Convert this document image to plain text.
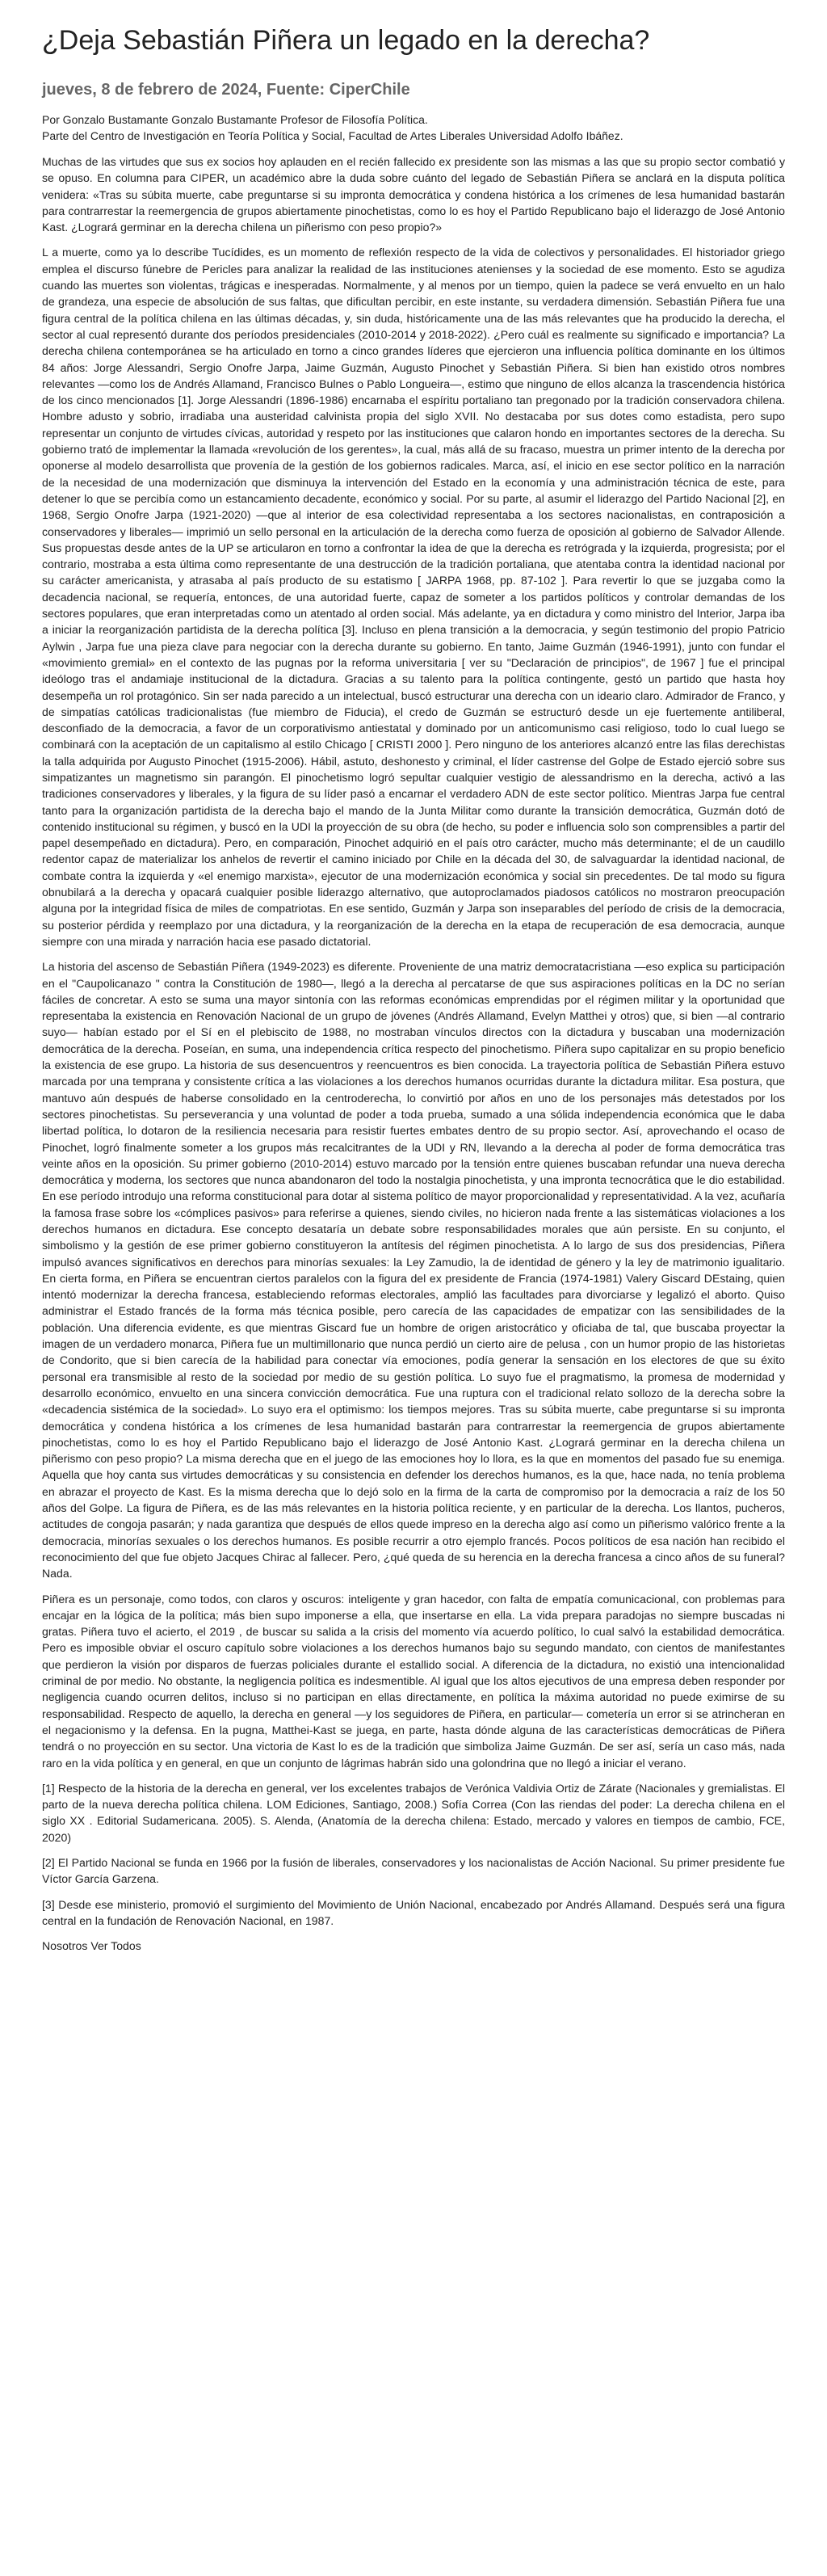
¿Deja Sebastián Piñera un legado en la derecha?
jueves, 8 de febrero de 2024, Fuente: CiperChile

Por Gonzalo Bustamante Gonzalo Bustamante Profesor de Filosofía Política.

Parte del Centro de Investigación en Teoría Política y Social, Facultad de Artes Liberales Universidad Adolfo Ibáñez.

Muchas de las virtudes que sus ex socios hoy aplauden en el recién fallecido ex presidente son las mismas a las que su propio sector combatió y se opuso. En columna para CIPER, un académico abre la duda sobre cuánto del legado de Sebastián Piñera se anclará en la disputa política venidera: «Tras su súbita muerte, cabe preguntarse si su impronta democrática y condena histórica a los crímenes de lesa humanidad bastarán para contrarrestar la reemergencia de grupos abiertamente pinochetistas, como lo es hoy el Partido Republicano bajo el liderazgo de José Antonio Kast. ¿Logrará germinar en la derecha chilena un piñerismo con peso propio?»

L a muerte, como ya lo describe Tucídides, es un momento de reflexión respecto de la vida de colectivos y personalidades. El historiador griego emplea el discurso fúnebre de Pericles para analizar la realidad de las instituciones atenienses y la sociedad de ese momento. Esto se agudiza cuando las muertes son violentas, trágicas e inesperadas. Normalmente, y al menos por un tiempo, quien la padece se verá envuelto en un halo de grandeza, una especie de absolución de sus faltas, que dificultan percibir, en este instante, su verdadera dimensión. Sebastián Piñera fue una figura central de la política chilena en las últimas décadas, y, sin duda, históricamente una de las más relevantes que ha producido la derecha, el sector al cual representó durante dos períodos presidenciales (2010-2014 y 2018-2022). ¿Pero cuál es realmente su significado e importancia? La derecha chilena contemporánea se ha articulado en torno a cinco grandes líderes que ejercieron una influencia política dominante en los últimos 84 años: Jorge Alessandri, Sergio Onofre Jarpa, Jaime Guzmán, Augusto Pinochet y Sebastián Piñera. Si bien han existido otros nombres relevantes —como los de Andrés Allamand, Francisco Bulnes o Pablo Longueira—, estimo que ninguno de ellos alcanza la trascendencia histórica de los cinco mencionados [1]. Jorge Alessandri (1896-1986) encarnaba el espíritu portaliano tan pregonado por la tradición conservadora chilena. Hombre adusto y sobrio, irradiaba una austeridad calvinista propia del siglo XVII. No destacaba por sus dotes como estadista, pero supo representar un conjunto de virtudes cívicas, autoridad y respeto por las instituciones que calaron hondo en importantes sectores de la derecha. Su gobierno trató de implementar la llamada «revolución de los gerentes», la cual, más allá de su fracaso, muestra un primer intento de la derecha por oponerse al modelo desarrollista que provenía de la gestión de los gobiernos radicales. Marca, así, el inicio en ese sector político en la narración de la necesidad de una modernización que disminuya la intervención del Estado en la economía y una administración técnica de este, para detener lo que se percibía como un estancamiento decadente, económico y social. Por su parte, al asumir el liderazgo del Partido Nacional [2], en 1968, Sergio Onofre Jarpa (1921-2020) —que al interior de esa colectividad representaba a los sectores nacionalistas, en contraposición a conservadores y liberales— imprimió un sello personal en la articulación de la derecha como fuerza de oposición al gobierno de Salvador Allende. Sus propuestas desde antes de la UP se articularon en torno a confrontar la idea de que la derecha es retrógrada y la izquierda, progresista; por el contrario, mostraba a esta última como representante de una destrucción de la tradición portaliana, que atentaba contra la identidad nacional por su carácter americanista, y atrasaba al país producto de su estatismo [ JARPA 1968, pp. 87-102 ]. Para revertir lo que se juzgaba como la decadencia nacional, se requería, entonces, de una autoridad fuerte, capaz de someter a los partidos políticos y controlar demandas de los sectores populares, que eran interpretadas como un atentado al orden social. Más adelante, ya en dictadura y como ministro del Interior, Jarpa iba a iniciar la reorganización partidista de la derecha política [3]. Incluso en plena transición a la democracia, y según testimonio del propio Patricio Aylwin , Jarpa fue una pieza clave para negociar con la derecha durante su gobierno. En tanto, Jaime Guzmán (1946-1991), junto con fundar el «movimiento gremial» en el contexto de las pugnas por la reforma universitaria [ ver su "Declaración de principios", de 1967 ] fue el principal ideólogo tras el andamiaje institucional de la dictadura. Gracias a su talento para la política contingente, gestó un partido que hasta hoy desempeña un rol protagónico. Sin ser nada parecido a un intelectual, buscó estructurar una derecha con un ideario claro. Admirador de Franco, y de simpatías católicas tradicionalistas (fue miembro de Fiducia), el credo de Guzmán se estructuró desde un eje fuertemente antiliberal, desconfiado de la democracia, a favor de un corporativismo antiestatal y dominado por un anticomunismo casi religioso, todo lo cual luego se combinará con la aceptación de un capitalismo al estilo Chicago [ CRISTI 2000 ]. Pero ninguno de los anteriores alcanzó entre las filas derechistas la talla adquirida por Augusto Pinochet (1915-2006). Hábil, astuto, deshonesto y criminal, el líder castrense del Golpe de Estado ejerció sobre sus simpatizantes un magnetismo sin parangón. El pinochetismo logró sepultar cualquier vestigio de alessandrismo en la derecha, activó a las tradiciones conservadores y liberales, y la figura de su líder pasó a encarnar el verdadero ADN de este sector político. Mientras Jarpa fue central tanto para la organización partidista de la derecha bajo el mando de la Junta Militar como durante la transición democrática, Guzmán dotó de contenido institucional su régimen, y buscó en la UDI la proyección de su obra (de hecho, su poder e influencia solo son comprensibles a partir del papel desempeñado en dictadura). Pero, en comparación, Pinochet adquirió en el país otro carácter, mucho más determinante; el de un caudillo redentor capaz de materializar los anhelos de revertir el camino iniciado por Chile en la década del 30, de salvaguardar la identidad nacional, de combate contra la izquierda y «el enemigo marxista», ejecutor de una modernización económica y social sin precedentes. De tal modo su figura obnubilará a la derecha y opacará cualquier posible liderazgo alternativo, que autoproclamados piadosos católicos no mostraron preocupación alguna por la integridad física de miles de compatriotas. En ese sentido, Guzmán y Jarpa son inseparables del período de crisis de la democracia, su posterior pérdida y reemplazo por una dictadura, y la reorganización de la derecha en la etapa de recuperación de esa democracia, aunque siempre con una mirada y narración hacia ese pasado dictatorial.

La historia del ascenso de Sebastián Piñera (1949-2023) es diferente. Proveniente de una matriz democratacristiana —eso explica su participación en el "Caupolicanazo " contra la Constitución de 1980—, llegó a la derecha al percatarse de que sus aspiraciones políticas en la DC no serían fáciles de concretar. A esto se suma una mayor sintonía con las reformas económicas emprendidas por el régimen militar y la oportunidad que representaba la existencia en Renovación Nacional de un grupo de jóvenes (Andrés Allamand, Evelyn Matthei y otros) que, si bien —al contrario suyo— habían estado por el Sí en el plebiscito de 1988, no mostraban vínculos directos con la dictadura y buscaban una modernización democrática de la derecha. Poseían, en suma, una independencia crítica respecto del pinochetismo. Piñera supo capitalizar en su propio beneficio la existencia de ese grupo. La historia de sus desencuentros y reencuentros es bien conocida. La trayectoria política de Sebastián Piñera estuvo marcada por una temprana y consistente crítica a las violaciones a los derechos humanos ocurridas durante la dictadura militar. Esa postura, que mantuvo aún después de haberse consolidado en la centroderecha, lo convirtió por años en uno de los personajes más detestados por los sectores pinochetistas. Su perseverancia y una voluntad de poder a toda prueba, sumado a una sólida independencia económica que le daba libertad política, lo dotaron de la resiliencia necesaria para resistir fuertes embates dentro de su propio sector. Así, aprovechando el ocaso de Pinochet, logró finalmente someter a los grupos más recalcitrantes de la UDI y RN, llevando a la derecha al poder de forma democrática tras veinte años en la oposición. Su primer gobierno (2010-2014) estuvo marcado por la tensión entre quienes buscaban refundar una nueva derecha democrática y moderna, los sectores que nunca abandonaron del todo la nostalgia pinochetista, y una impronta tecnocrática que le dio estabilidad. En ese período introdujo una reforma constitucional para dotar al sistema político de mayor proporcionalidad y representatividad. A la vez, acuñaría la famosa frase sobre los «cómplices pasivos» para referirse a quienes, siendo civiles, no hicieron nada frente a las sistemáticas violaciones a los derechos humanos en dictadura. Ese concepto desataría un debate sobre responsabilidades morales que aún persiste. En su conjunto, el simbolismo y la gestión de ese primer gobierno constituyeron la antítesis del régimen pinochetista. A lo largo de sus dos presidencias, Piñera impulsó avances significativos en derechos para minorías sexuales: la Ley Zamudio, la de identidad de género y la ley de matrimonio igualitario. En cierta forma, en Piñera se encuentran ciertos paralelos con la figura del ex presidente de Francia (1974-1981) Valery Giscard DEstaing, quien intentó modernizar la derecha francesa, estableciendo reformas electorales, amplió las facultades para divorciarse y legalizó el aborto. Quiso administrar el Estado francés de la forma más técnica posible, pero carecía de las capacidades de empatizar con las sensibilidades de la población. Una diferencia evidente, es que mientras Giscard fue un hombre de origen aristocrático y oficiaba de tal, que buscaba proyectar la imagen de un verdadero monarca, Piñera fue un multimillonario que nunca perdió un cierto aire de pelusa , con un humor propio de las historietas de Condorito, que si bien carecía de la habilidad para conectar vía emociones, podía generar la sensación en los electores de que su éxito personal era transmisible al resto de la sociedad por medio de su gestión política. Lo suyo fue el pragmatismo, la promesa de modernidad y desarrollo económico, envuelto en una sincera convicción democrática. Fue una ruptura con el tradicional relato sollozo de la derecha sobre la «decadencia sistémica de la sociedad». Lo suyo era el optimismo: los tiempos mejores. Tras su súbita muerte, cabe preguntarse si su impronta democrática y condena histórica a los crímenes de lesa humanidad bastarán para contrarrestar la reemergencia de grupos abiertamente pinochetistas, como lo es hoy el Partido Republicano bajo el liderazgo de José Antonio Kast. ¿Logrará germinar en la derecha chilena un piñerismo con peso propio? La misma derecha que en el juego de las emociones hoy lo llora, es la que en momentos del pasado fue su enemiga. Aquella que hoy canta sus virtudes democráticas y su consistencia en defender los derechos humanos, es la que, hace nada, no tenía problema en abrazar el proyecto de Kast. Es la misma derecha que lo dejó solo en la firma de la carta de compromiso por la democracia a raíz de los 50 años del Golpe. La figura de Piñera, es de las más relevantes en la historia política reciente, y en particular de la derecha. Los llantos, pucheros, actitudes de congoja pasarán; y nada garantiza que después de ellos quede impreso en la derecha algo así como un piñerismo valórico frente a la democracia, minorías sexuales o los derechos humanos. Es posible recurrir a otro ejemplo francés. Pocos políticos de esa nación han recibido el reconocimiento del que fue objeto Jacques Chirac al fallecer. Pero, ¿qué queda de su herencia en la derecha francesa a cinco años de su funeral? Nada.

Piñera es un personaje, como todos, con claros y oscuros: inteligente y gran hacedor, con falta de empatía comunicacional, con problemas para encajar en la lógica de la política; más bien supo imponerse a ella, que insertarse en ella. La vida prepara paradojas no siempre buscadas ni gratas. Piñera tuvo el acierto, el 2019 , de buscar su salida a la crisis del momento vía acuerdo político, lo cual salvó la estabilidad democrática. Pero es imposible obviar el oscuro capítulo sobre violaciones a los derechos humanos bajo su segundo mandato, con cientos de manifestantes que perdieron la visión por disparos de fuerzas policiales durante el estallido social. A diferencia de la dictadura, no existió una intencionalidad criminal de por medio. No obstante, la negligencia política es indesmentible. Al igual que los altos ejecutivos de una empresa deben responder por negligencia cuando ocurren delitos, incluso si no participan en ellas directamente, en política la máxima autoridad no puede eximirse de su responsabilidad. Respecto de aquello, la derecha en general —y los seguidores de Piñera, en particular— cometería un error si se atrincheran en el negacionismo y la defensa. En la pugna, Matthei-Kast se juega, en parte, hasta dónde alguna de las características democráticas de Piñera tendrá o no proyección en su sector. Una victoria de Kast lo es de la tradición que simboliza Jaime Guzmán. De ser así, sería un caso más, nada raro en la vida política y en general, en que un conjunto de lágrimas habrán sido una golondrina que no llegó a iniciar el verano.

[1] Respecto de la historia de la derecha en general, ver los excelentes trabajos de Verónica Valdivia Ortiz de Zárate (Nacionales y gremialistas. El parto de la nueva derecha política chilena. LOM Ediciones, Santiago, 2008.) Sofía Correa (Con las riendas del poder: La derecha chilena en el siglo XX . Editorial Sudamericana. 2005). S. Alenda, (Anatomía de la derecha chilena: Estado, mercado y valores en tiempos de cambio, FCE, 2020)

[2] El Partido Nacional se funda en 1966 por la fusión de liberales, conservadores y los nacionalistas de Acción Nacional. Su primer presidente fue Víctor García Garzena.

[3] Desde ese ministerio, promovió el surgimiento del Movimiento de Unión Nacional, encabezado por Andrés Allamand. Después será una figura central en la fundación de Renovación Nacional, en 1987.

Nosotros Ver Todos
